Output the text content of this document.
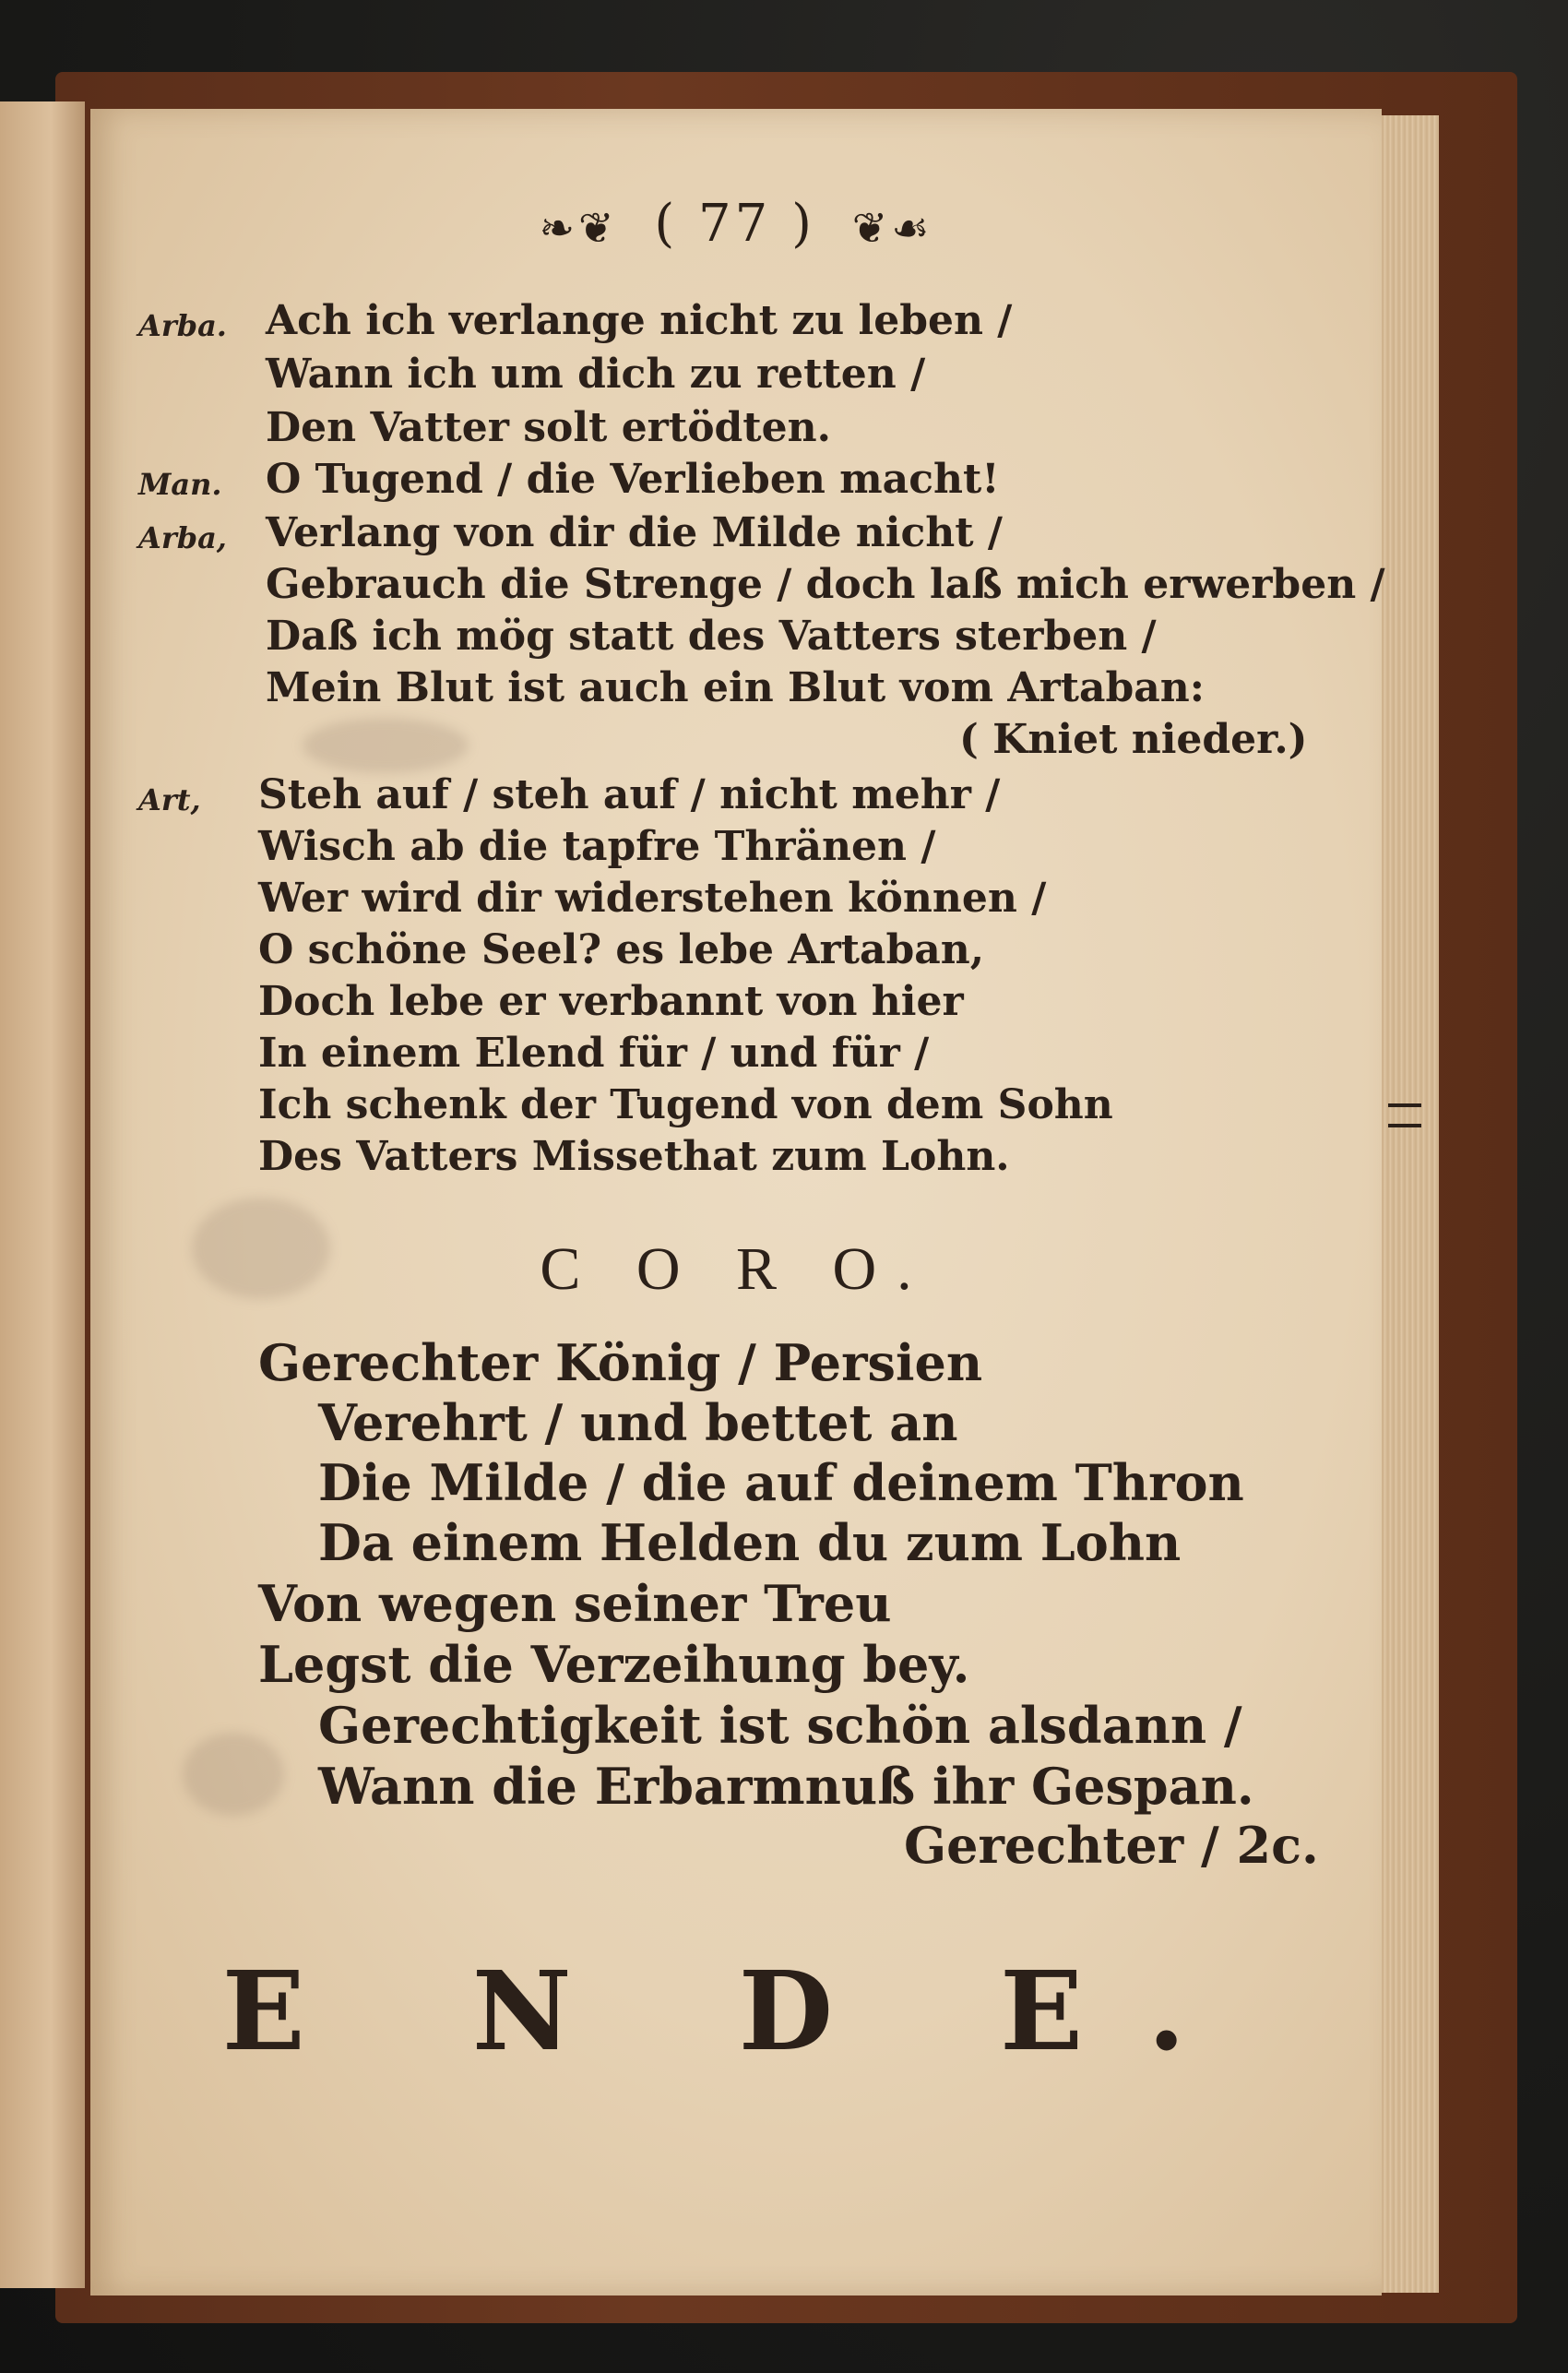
❧❦ ( 77 ) ❦☙
Arba. Ach ich verlange nicht zu leben /
Wann ich um dich zu retten /
Den Vatter solt ertödten.
Man. O Tugend / die Verlieben macht!
Arba, Verlang von dir die Milde nicht /
Gebrauch die Strenge / doch laß mich erwerben /
Daß ich mög statt des Vatters sterben /
Mein Blut ist auch ein Blut vom Artaban:
( Kniet nieder.)
Art, Steh auf / steh auf / nicht mehr /
Wisch ab die tapfre Thränen /
Wer wird dir widerstehen können /
O schöne Seel? es lebe Artaban,
Doch lebe er verbannt von hier
In einem Elend für / und für /
Ich schenk der Tugend von dem Sohn
Des Vatters Missethat zum Lohn.
C O R O.
Gerechter König / Persien
Verehrt / und bettet an
Die Milde / die auf deinem Thron
Da einem Helden du zum Lohn
Von wegen seiner Treu
Legst die Verzeihung bey.
Gerechtigkeit ist schön alsdann /
Wann die Erbarmnuß ihr Gespan.
Gerechter / 2c.
E N D E.
